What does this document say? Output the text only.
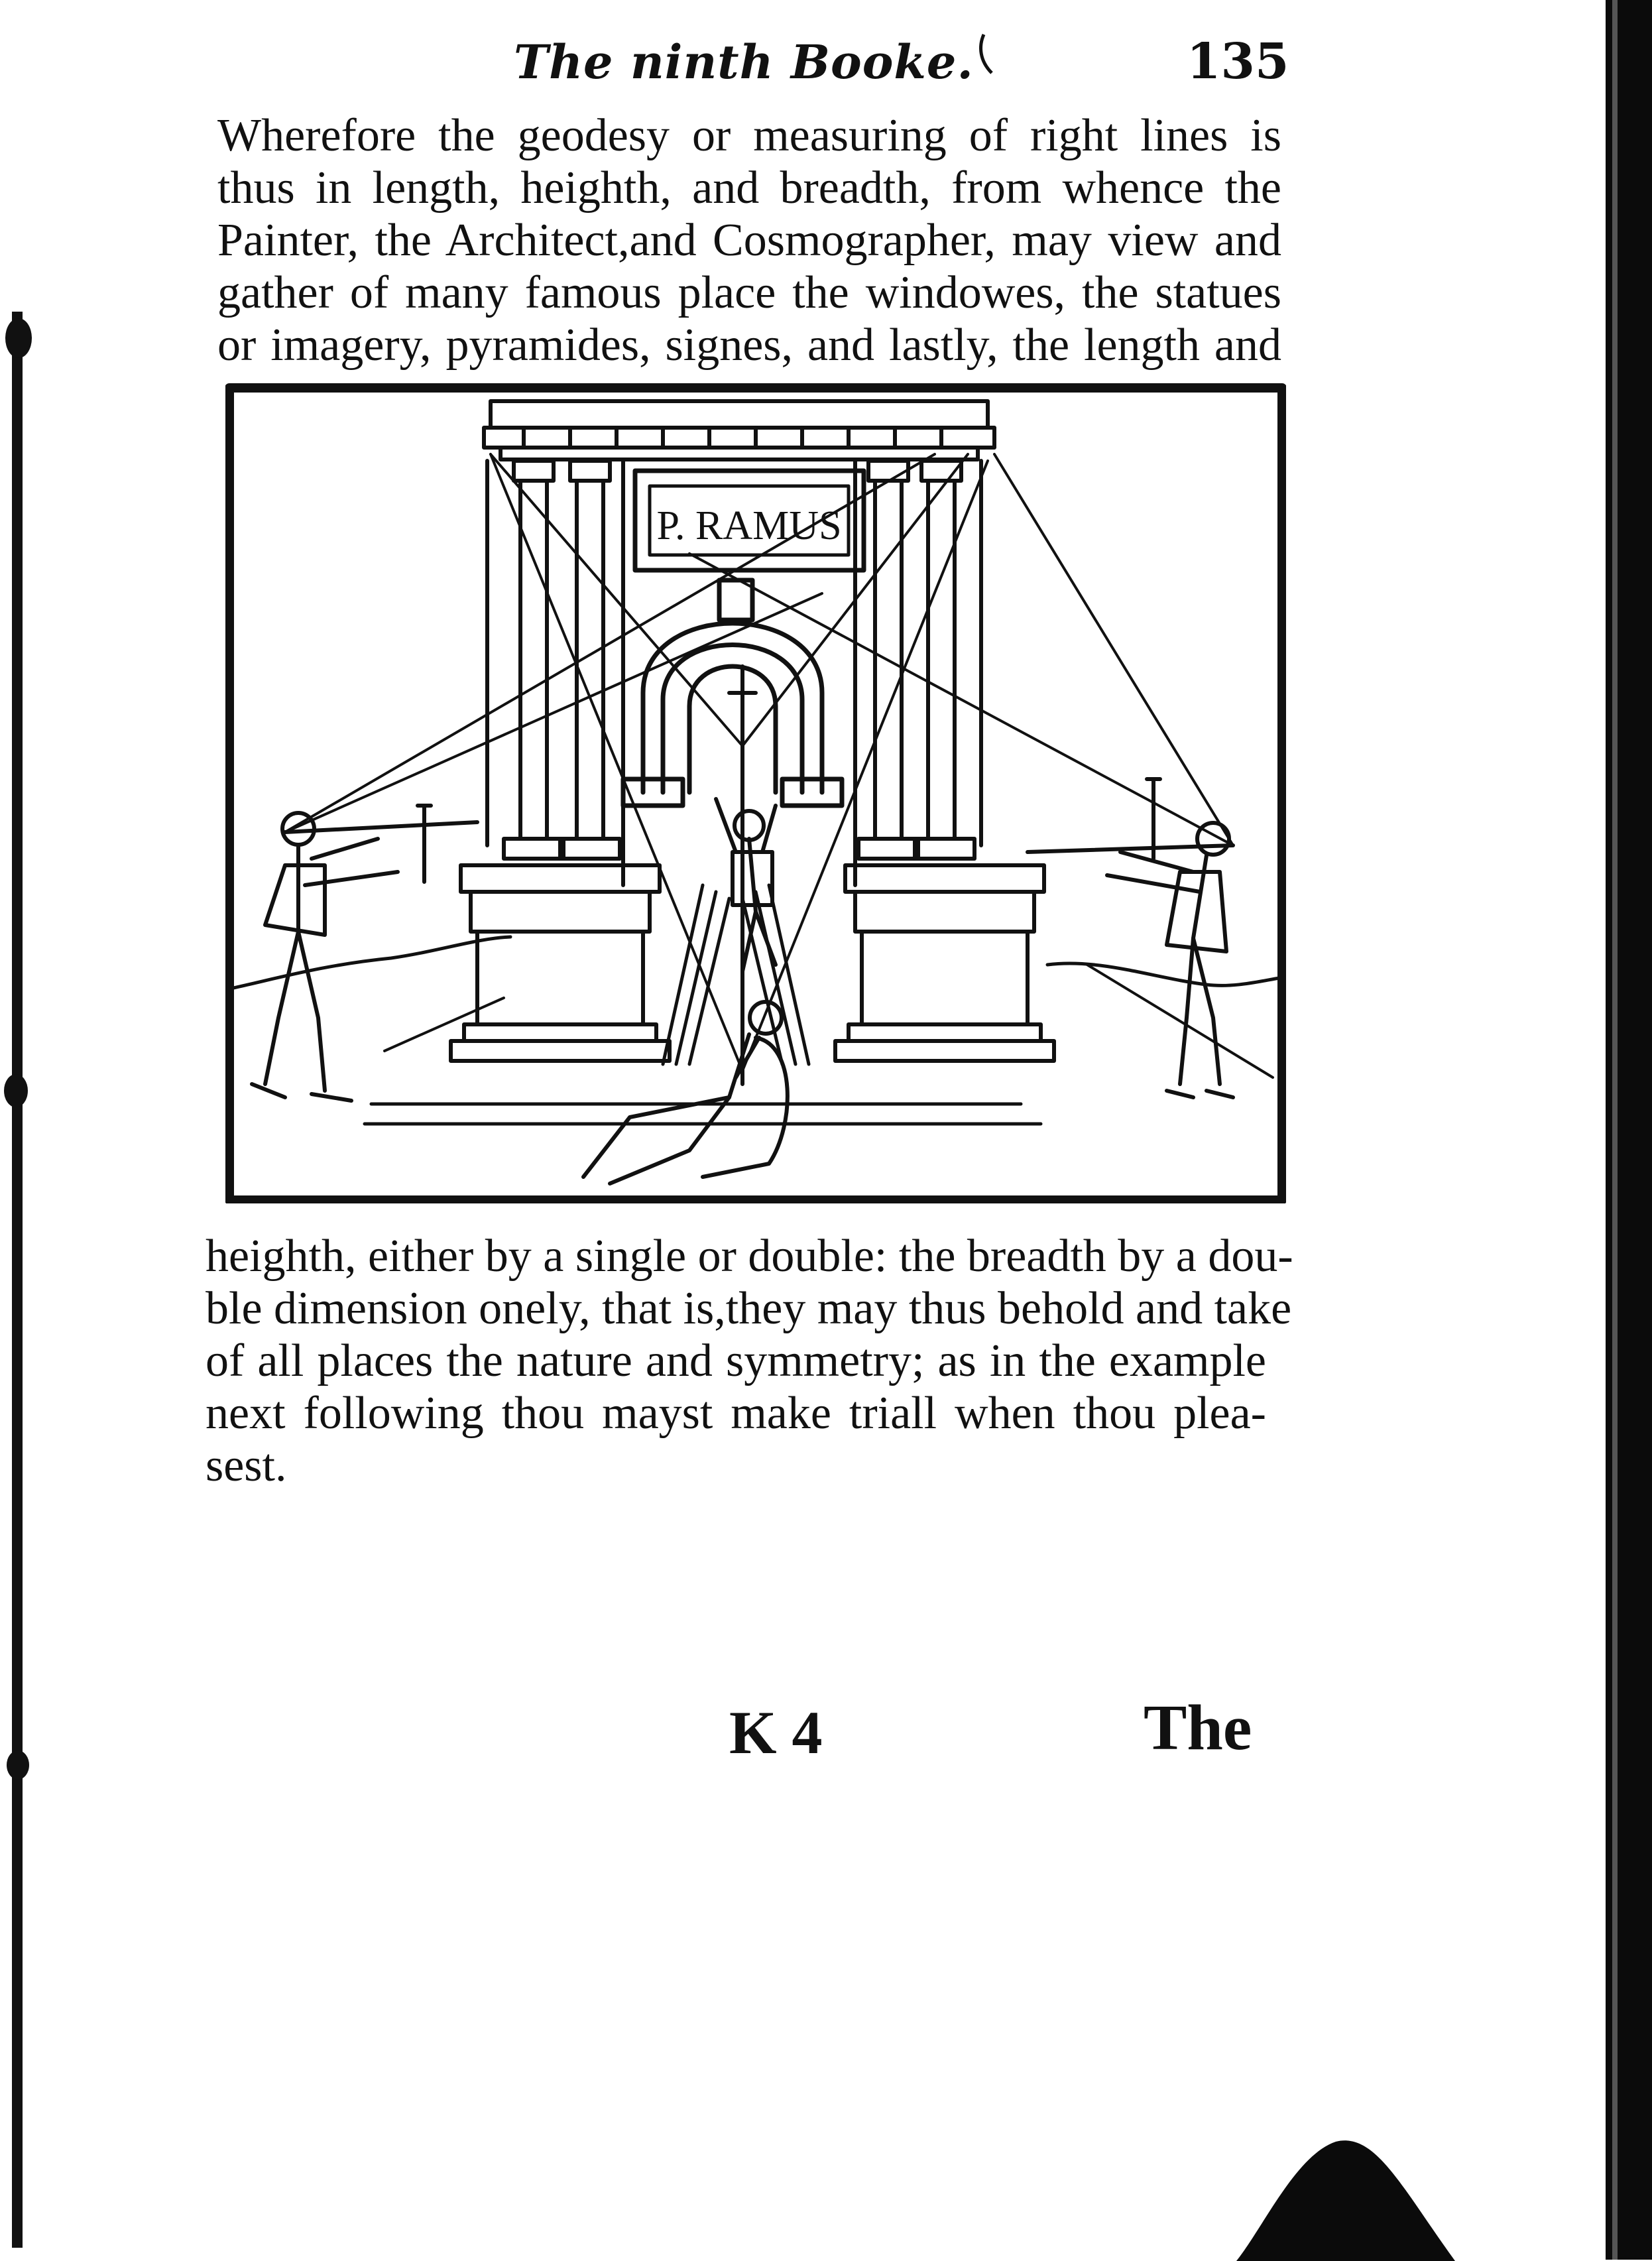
The ninth Booke.	135
Wherefore the geodesy or measuring of right lines is
thus in length, heighth, and breadth, from whence the
Painter, the Architect,and Cosmographer, may view and
gather of many famous place the windowes, the statues
or imagery, pyramides, signes, and lastly, the length and
P. RAMUS
heighth, either by a single or double: the breadth by a dou-
ble dimension onely, that is,they may thus behold and take
of all places the nature and symmetry; as in the example
next following thou mayst make triall when thou plea-
sest.
K 4	The
